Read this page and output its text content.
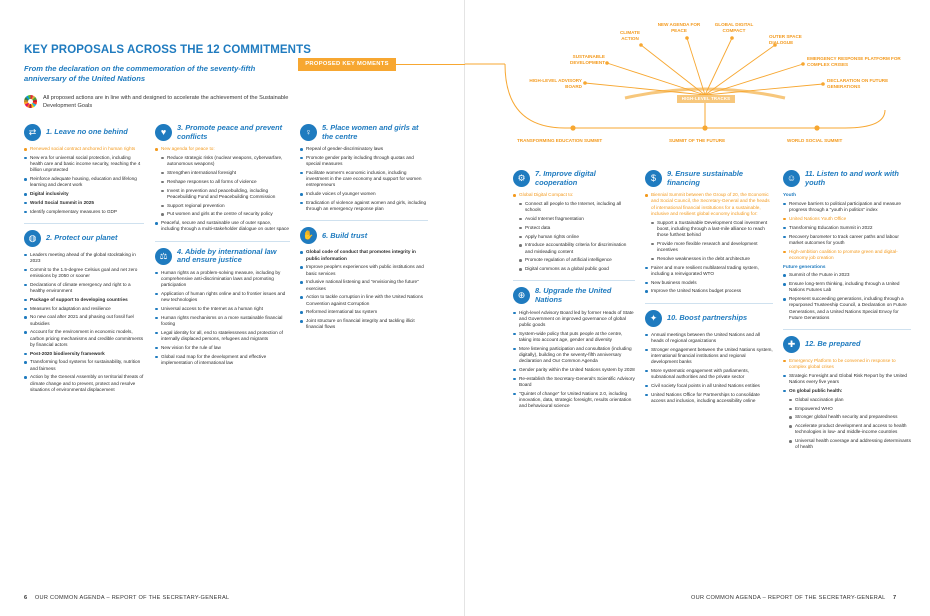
KEY PROPOSALS ACROSS THE 12 COMMITMENTS
From the declaration on the commemoration of the seventy-fifth anniversary of the United Nations
All proposed actions are in line with and designed to accelerate the achievement of the Sustainable Development Goals
PROPOSED KEY MOMENTS
⇄	1. Leave no one behind
Renewed social contract anchored in human rights
New era for universal social protection, including health care and basic income security, reaching the 4 billion unprotected
Reinforce adequate housing, education and lifelong learning and decent work
Digital inclusivity
World Social Summit in 2025
Identify complementary measures to GDP
◍	2. Protect our planet
Leaders meeting ahead of the global stocktaking in 2023
Commit to the 1.5-degree Celsius goal and net zero emissions by 2050 or sooner
Declarations of climate emergency and right to a healthy environment
Package of support to developing countries
Measures for adaptation and resilience
No new coal after 2021 and phasing out fossil fuel subsidies
Account for the environment in economic models, carbon pricing mechanisms and credible commitments by financial actors
Post-2020 biodiversity framework
Transforming food systems for sustainability, nutrition and fairness
Action by the General Assembly on territorial threats of climate change and to prevent, protect and resolve situations of environmental displacement
♥	3. Promote peace and prevent conflicts
New agenda for peace to:
Reduce strategic risks (nuclear weapons, cyberwarfare, autonomous weapons)
Strengthen international foresight
Reshape responses to all forms of violence
Invest in prevention and peacebuilding, including Peacebuilding Fund and Peacebuilding Commission
Support regional prevention
Put women and girls at the centre of security policy
Peaceful, secure and sustainable use of outer space, including through a multi-stakeholder dialogue on outer space
⚖	4. Abide by international law and ensure justice
Human rights as a problem-solving measure, including by comprehensive anti-discrimination laws and promoting participation
Application of human rights online and to frontier issues and new technologies
Universal access to the Internet as a human right
Human rights mechanisms on a more sustainable financial footing
Legal identity for all, end to statelessness and protection of internally displaced persons, refugees and migrants
New vision for the rule of law
Global road map for the development and effective implementation of international law
♀	5. Place women and girls at the centre
Repeal of gender-discriminatory laws
Promote gender parity including through quotas and special measures
Facilitate women's economic inclusion, including investment in the care economy and support for women entrepreneurs
Include voices of younger women
Eradication of violence against women and girls, including through an emergency response plan
✋	6. Build trust
Global code of conduct that promotes integrity in public information
Improve people's experiences with public institutions and basic services
Inclusive national listening and "envisioning the future" exercises
Action to tackle corruption in line with the United Nations Convention against Corruption
Reformed international tax system
Joint structure on financial integrity and tackling illicit financial flows
6 OUR COMMON AGENDA – REPORT OF THE SECRETARY-GENERAL
HIGH-LEVEL TRACKS
HIGH-LEVEL ADVISORY BOARD
SUSTAINABLE DEVELOPMENT
CLIMATE ACTION
NEW AGENDA FOR PEACE
GLOBAL DIGITAL COMPACT
OUTER SPACE DIALOGUE
EMERGENCY RESPONSE PLATFORM FOR COMPLEX CRISES
DECLARATION ON FUTURE GENERATIONS
TRANSFORMING EDUCATION SUMMIT	SUMMIT OF THE FUTURE	WORLD SOCIAL SUMMIT
⚙	7. Improve digital cooperation
Global Digital Compact to:
Connect all people to the Internet, including all schools
Avoid Internet fragmentation
Protect data
Apply human rights online
Introduce accountability criteria for discrimination and misleading content
Promote regulation of artificial intelligence
Digital commons as a global public good
⊕	8. Upgrade the United Nations
High-level Advisory Board led by former Heads of State and Government on improved governance of global public goods
System-wide policy that puts people at the centre, taking into account age, gender and diversity
More listening participation and consultation (including digitally), building on the seventy-fifth anniversary declaration and Our Common Agenda
Gender parity within the United Nations system by 2028
Re-establish the Secretary-General's Scientific Advisory Board
"Quintet of change" for United Nations 2.0, including innovation, data, strategic foresight, results orientation and behavioural science
$	9. Ensure sustainable financing
Biennial Summit between the Group of 20, the Economic and Social Council, the Secretary-General and the heads of international financial institutions for a sustainable, inclusive and resilient global economy including for:
Support a Sustainable Development Goal investment boost, including through a last-mile alliance to reach those furthest behind
Provide more flexible research and development incentives
Resolve weaknesses in the debt architecture
Fairer and more resilient multilateral trading system, including a reinvigorated WTO
New business models
Improve the United Nations budget process
✦	10. Boost partnerships
Annual meetings between the United Nations and all heads of regional organizations
Stronger engagement between the United Nations system, international financial institutions and regional development banks
More systematic engagement with parliaments, subnational authorities and the private sector
Civil society focal points in all United Nations entities
United Nations Office for Partnerships to consolidate access and inclusion, including accessibility online
☺	11. Listen to and work with youth
Youth
Remove barriers to political participation and measure progress through a "youth in politics" index
United Nations Youth Office
Transforming Education Summit in 2022
Recovery barometer to track career paths and labour market outcomes for youth
High-ambition coalition to promote green and digital-economy job creation
Future generations
Summit of the Future in 2023
Ensure long-term thinking, including through a United Nations Futures Lab
Represent succeeding generations, including through a repurposed Trusteeship Council, a Declaration on Future Generations, and a United Nations Special Envoy for Future Generations
✚	12. Be prepared
Emergency Platform to be convened in response to complex global crises
Strategic Foresight and Global Risk Report by the United Nations every five years
On global public health:
Global vaccination plan
Empowered WHO
Stronger global health security and preparedness
Accelerate product development and access to health technologies in low- and middle-income countries
Universal health coverage and addressing determinants of health
OUR COMMON AGENDA – REPORT OF THE SECRETARY-GENERAL 7
